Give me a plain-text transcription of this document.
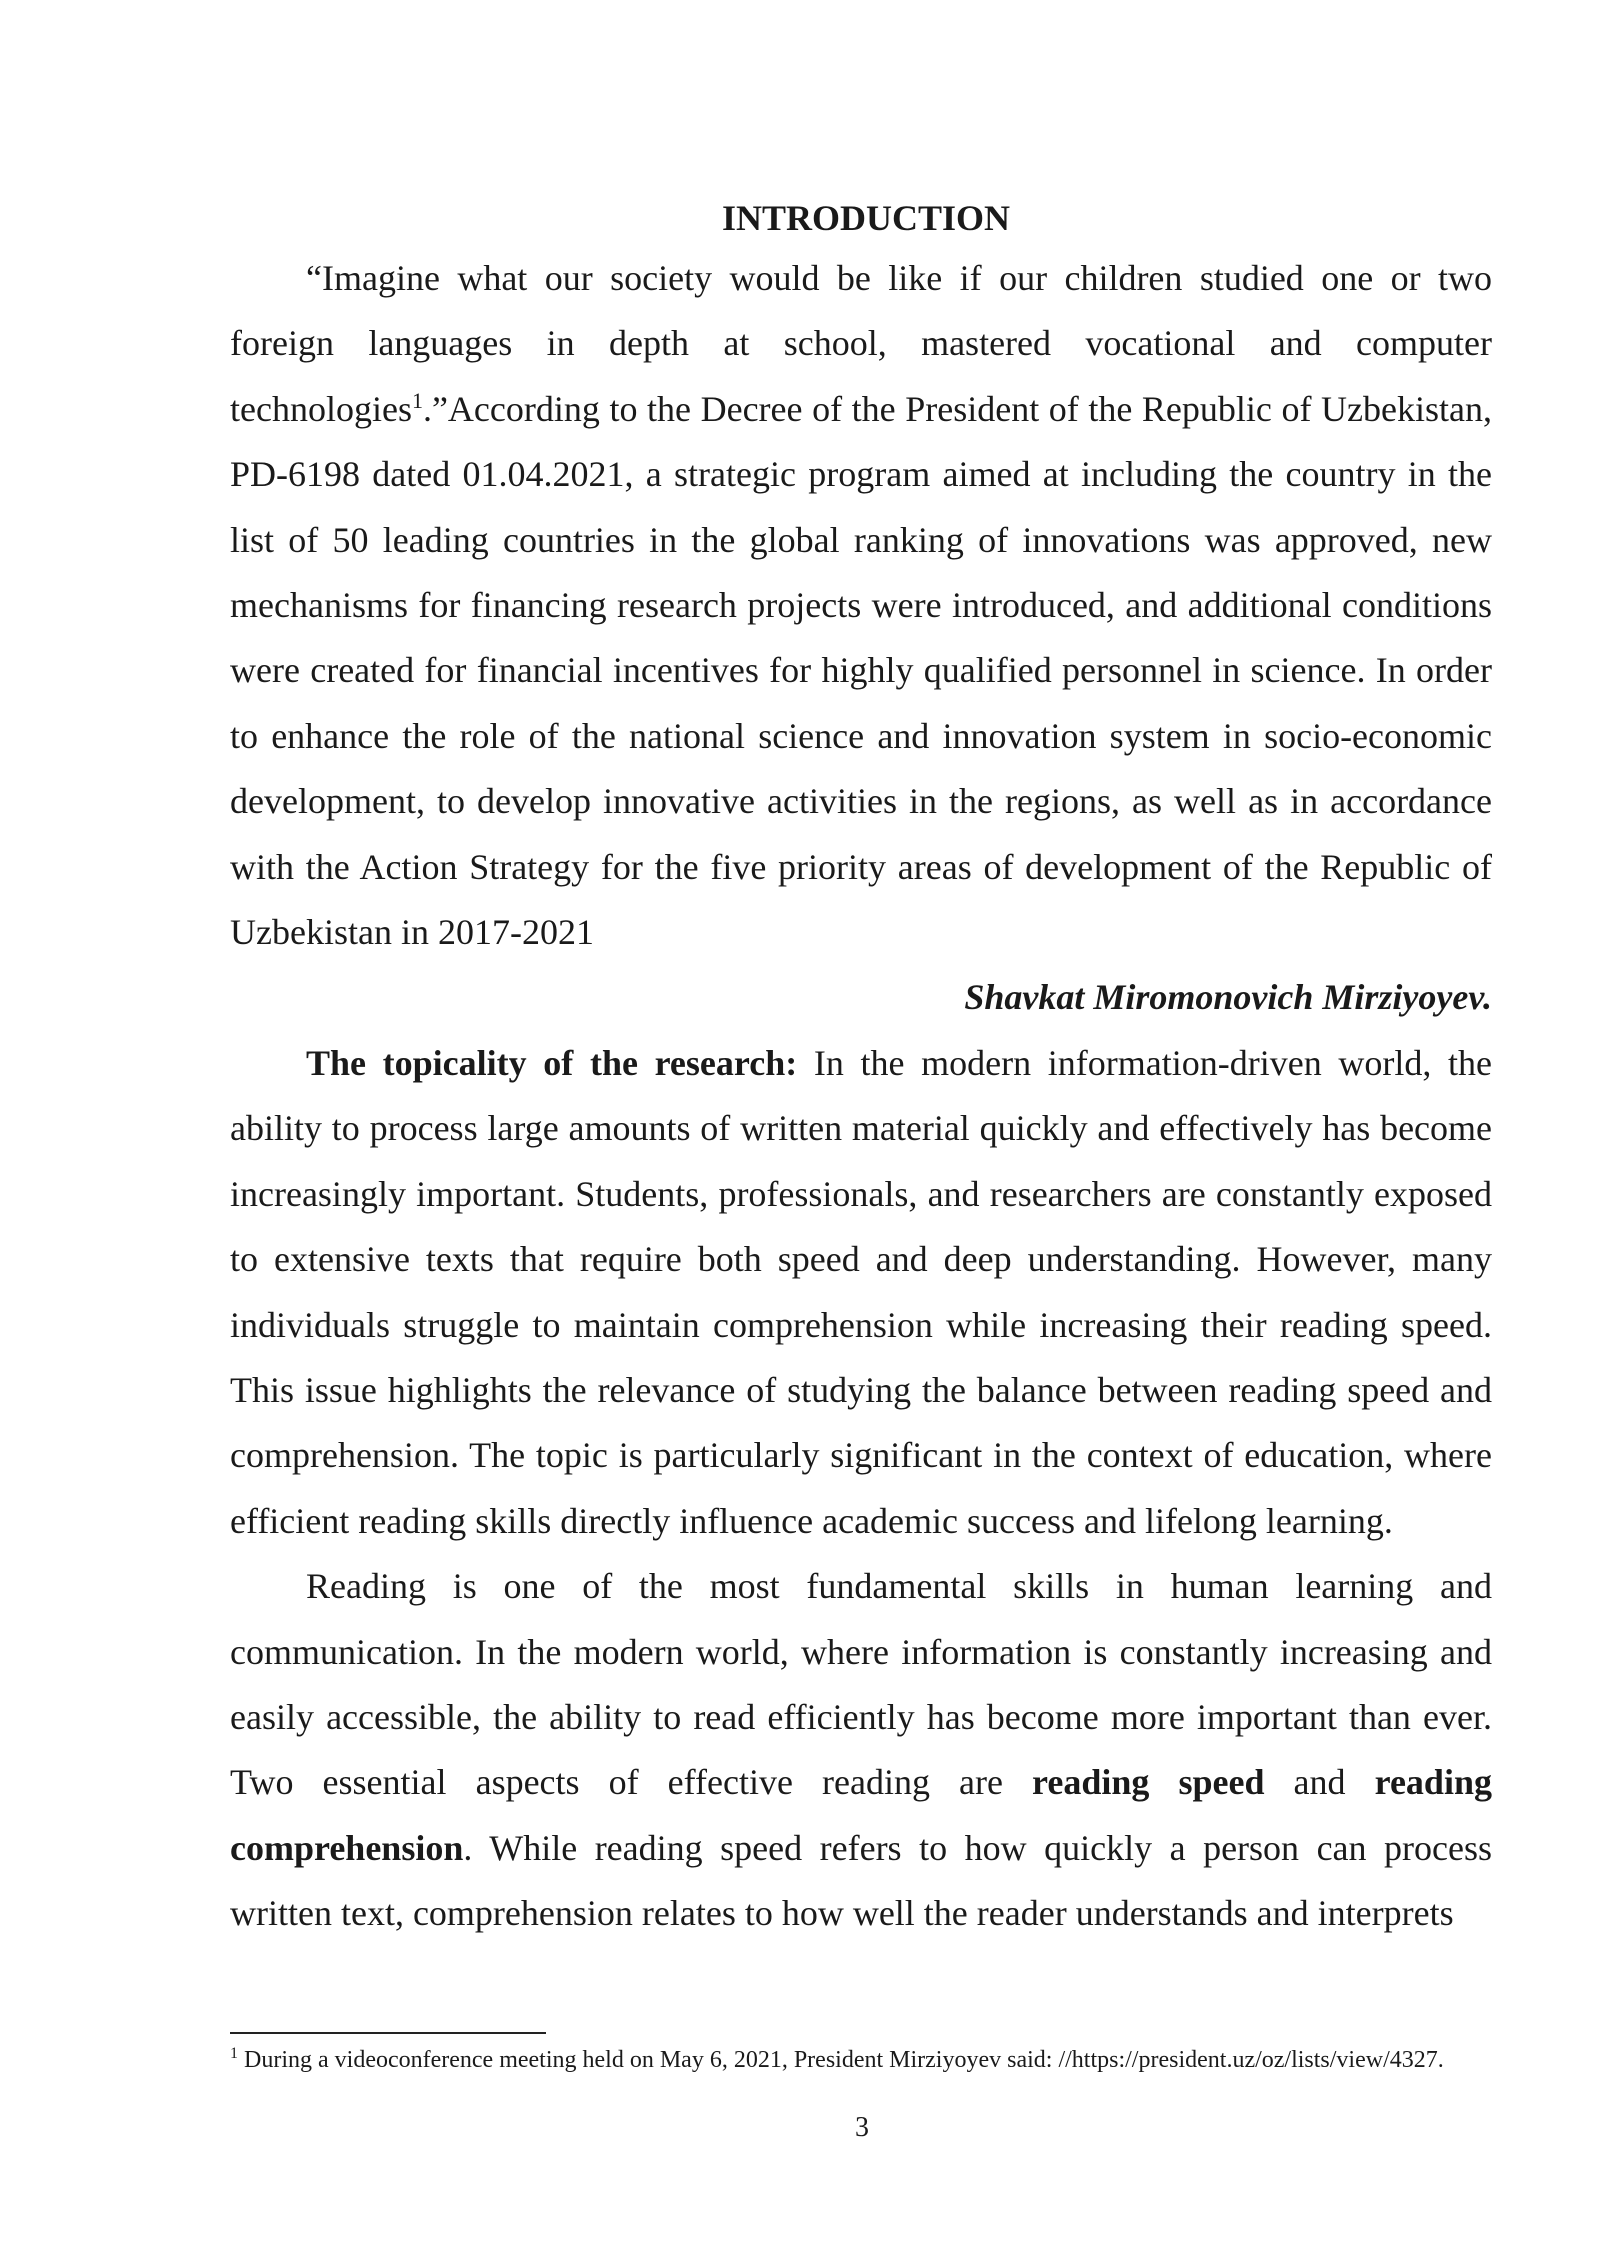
INTRODUCTION

“Imagine what our society would be like if our children studied one or two foreign languages in depth at school, mastered vocational and computer technologies$^1$.”According to the Decree of the President of the Republic of Uzbekistan, PD-6198 dated 01.04.2021, a strategic program aimed at including the country in the list of 50 leading countries in the global ranking of innovations was approved, new mechanisms for financing research projects were introduced, and additional conditions were created for financial incentives for highly qualified personnel in science. In order to enhance the role of the national science and innovation system in socio-economic development, to develop innovative activities in the regions, as well as in accordance with the Action Strategy for the five priority areas of development of the Republic of Uzbekistan in 2017-2021

Shavkat Miromonovich Mirziyoyev.

The topicality of the research: In the modern information-driven world, the ability to process large amounts of written material quickly and effectively has become increasingly important. Students, professionals, and researchers are constantly exposed to extensive texts that require both speed and deep understanding. However, many individuals struggle to maintain comprehension while increasing their reading speed. This issue highlights the relevance of studying the balance between reading speed and comprehension. The topic is particularly significant in the context of education, where efficient reading skills directly influence academic success and lifelong learning.

Reading is one of the most fundamental skills in human learning and communication. In the modern world, where information is constantly increasing and easily accessible, the ability to read efficiently has become more important than ever. Two essential aspects of effective reading are reading speed and reading comprehension. While reading speed refers to how quickly a person can process written text, comprehension relates to how well the reader understands and interprets

$^1$ During a videoconference meeting held on May 6, 2021, President Mirziyoyev said: //https://president.uz/oz/lists/view/4327.

3
